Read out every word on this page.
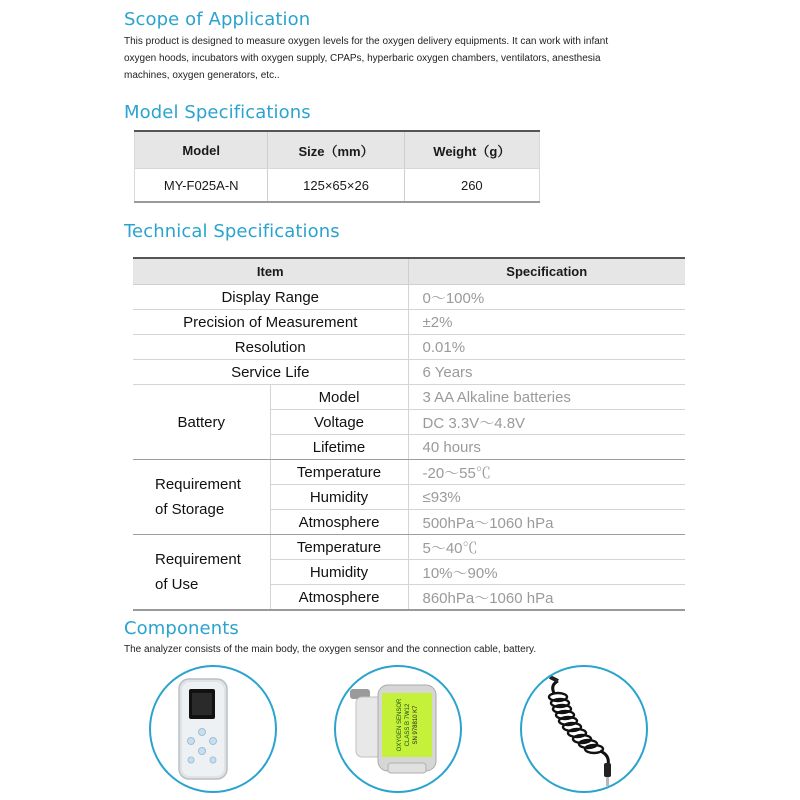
Scope of Application
This product is designed to measure oxygen levels for the oxygen delivery equipments. It can work with infant
oxygen hoods, incubators with oxygen supply, CPAPs, hyperbaric oxygen chambers, ventilators, anesthesia
machines, oxygen generators, etc..
Model Specifications
Model	Size（mm）	Weight（g）
MY-F025A-N	125×65×26	260
Technical Specifications
Item		Specification
Display Range		0～100%
Precision of Measurement		±2%
Resolution		0.01%
Service Life		6 Years
Battery	Model	3 AA Alkaline batteries
	Voltage	DC 3.3V～4.8V
	Lifetime	40 hours

Requirement
of Storage	Temperature	-20～55℃
	Humidity	≤93%
	Atmosphere	500hPa～1060 hPa

Requirement
of Use	Temperature	5～40℃
	Humidity	10%～90%
	Atmosphere	860hPa～1060 hPa
Components
The analyzer consists of the main body, the oxygen sensor and the connection cable, battery.
OXYGEN SENSOR CLASS B 7W12 SN 978810 K7
